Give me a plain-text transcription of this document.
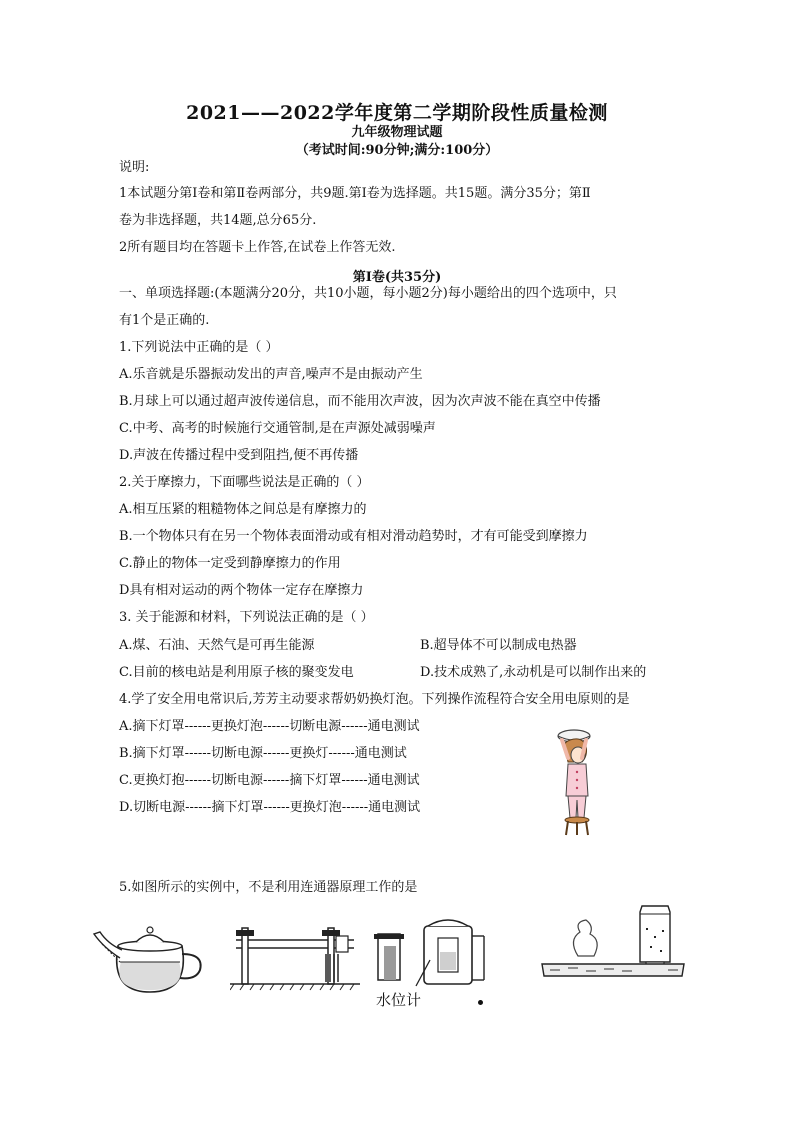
2021——2022学年度第二学期阶段性质量检测
九年级物理试题
（考试时间:90分钟;满分:100分）
说明:
1本试题分第Ⅰ卷和第Ⅱ卷两部分，共9题.第Ⅰ卷为选择题。共15题。满分35分；第Ⅱ
卷为非选择题，共14题,总分65分.
2所有题目均在答题卡上作答,在试卷上作答无效.
第Ⅰ卷(共35分)
一、单项选择题:(本题满分20分，共10小题，每小题2分)每小题给出的四个选项中，只
有1个是正确的.
1.下列说法中正确的是（ ）
A.乐音就是乐器振动发出的声音,噪声不是由振动产生
B.月球上可以通过超声波传递信息，而不能用次声波，因为次声波不能在真空中传播
C.中考、高考的时候施行交通管制,是在声源处减弱噪声
D.声波在传播过程中受到阻挡,便不再传播
2.关于摩擦力，下面哪些说法是正确的（ ）
A.相互压紧的粗糙物体之间总是有摩擦力的
B.一个物体只有在另一个物体表面滑动或有相对滑动趋势时，才有可能受到摩擦力
C.静止的物体一定受到静摩擦力的作用
D具有相对运动的两个物体一定存在摩擦力
3. 关于能源和材料，下列说法正确的是（ ）
A.煤、石油、天然气是可再生能源	B.超导体不可以制成电热器
C.目前的核电站是利用原子核的聚变发电	D.技术成熟了,永动机是可以制作出来的
4.学了安全用电常识后,芳芳主动要求帮奶奶换灯泡。下列操作流程符合安全用电原则的是
A.摘下灯罩------更换灯泡------切断电源------通电测试
B.摘下灯罩------切断电源------更换灯------通电测试
C.更换灯抱------切断电源------摘下灯罩------通电测试
D.切断电源------摘下灯罩------更换灯泡------通电测试
5.如图所示的实例中，不是利用连通器原理工作的是
水位计
